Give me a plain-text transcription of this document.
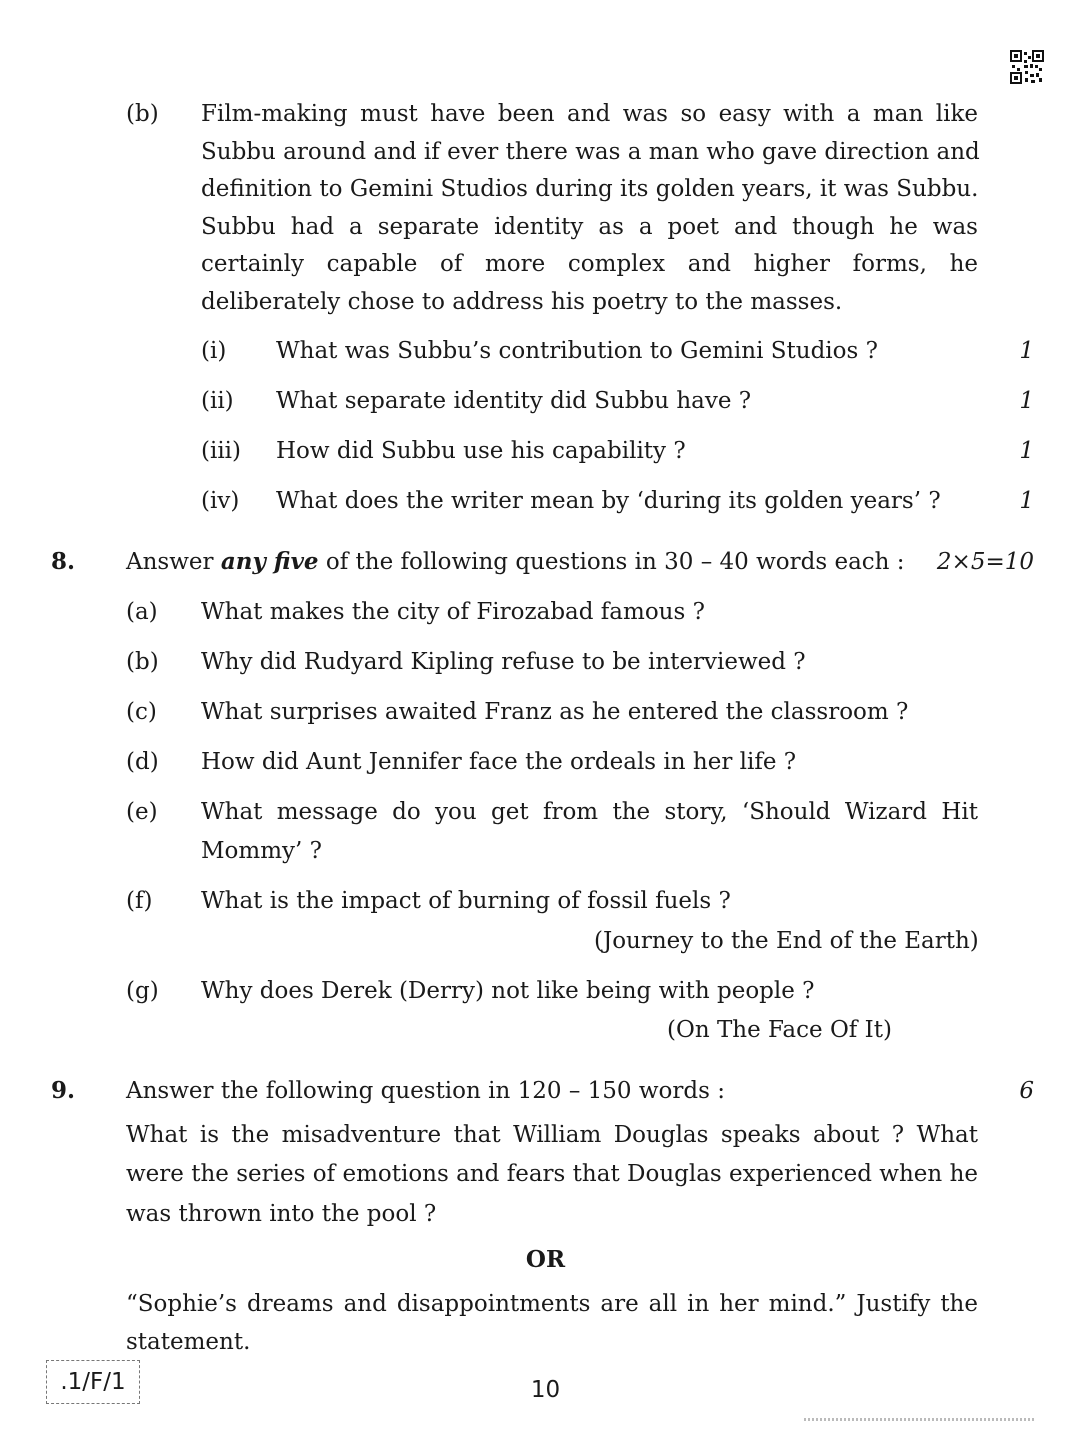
(b) Film-making must have been and was so easy with a man like
Subbu around and if ever there was a man who gave direction and
definition to Gemini Studios during its golden years, it was Subbu.
Subbu had a separate identity as a poet and though he was
certainly capable of more complex and higher forms, he
deliberately chose to address his poetry to the masses.
(i) What was Subbu’s contribution to Gemini Studios ?	1
(ii) What separate identity did Subbu have ?	1
(iii) How did Subbu use his capability ?	1
(iv) What does the writer mean by ‘during its golden years’ ?	1
8. Answer any five of the following questions in 30 – 40 words each : 2×5=10
(a) What makes the city of Firozabad famous ?
(b) Why did Rudyard Kipling refuse to be interviewed ?
(c) What surprises awaited Franz as he entered the classroom ?
(d) How did Aunt Jennifer face the ordeals in her life ?
(e) What message do you get from the story, ‘Should Wizard Hit
Mommy’ ?
(f) What is the impact of burning of fossil fuels ?
(Journey to the End of the Earth)
(g) Why does Derek (Derry) not like being with people ?
(On The Face Of It)
9. Answer the following question in 120 – 150 words :	6
What is the misadventure that William Douglas speaks about ? What
were the series of emotions and fears that Douglas experienced when he
was thrown into the pool ?
OR
“Sophie’s dreams and disappointments are all in her mind.” Justify the
statement.
.1/F/1	10
